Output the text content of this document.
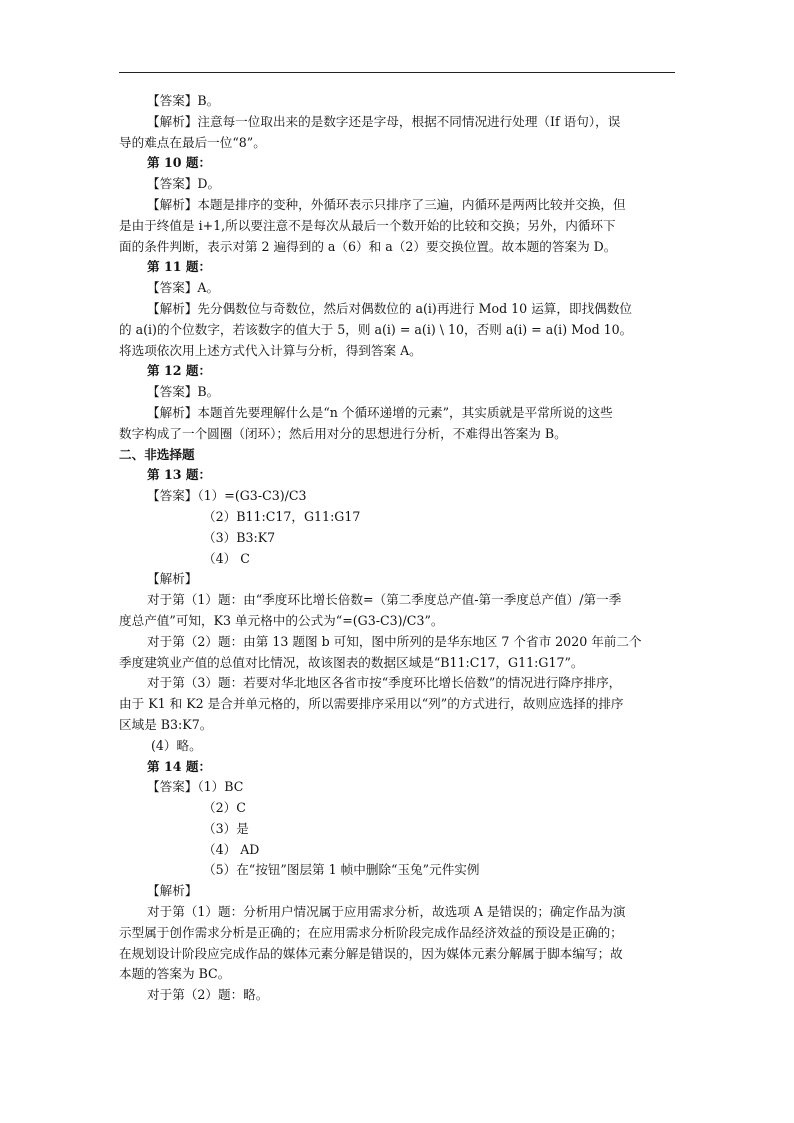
【答案】B。
【解析】注意每一位取出来的是数字还是字母，根据不同情况进行处理（If 语句），误
导的难点在最后一位“8”。
第 10 题：
【答案】D。
【解析】本题是排序的变种，外循环表示只排序了三遍，内循环是两两比较并交换，但
是由于终值是 i+1,所以要注意不是每次从最后一个数开始的比较和交换；另外，内循环下
面的条件判断，表示对第 2 遍得到的 a（6）和 a（2）要交换位置。故本题的答案为 D。
第 11 题：
【答案】A。
【解析】先分偶数位与奇数位，然后对偶数位的 a(i)再进行 Mod 10 运算，即找偶数位
的 a(i)的个位数字，若该数字的值大于 5，则 a(i) = a(i) \ 10，否则 a(i) = a(i) Mod 10。
将选项依次用上述方式代入计算与分析，得到答案 A。
第 12 题：
【答案】B。
【解析】本题首先要理解什么是“n 个循环递增的元素”，其实质就是平常所说的这些
数字构成了一个圆圈（闭环）；然后用对分的思想进行分析，不难得出答案为 B。
二、非选择题
第 13 题：
【答案】（1）=(G3-C3)/C3
（2）B11:C17，G11:G17
（3）B3:K7
（4） C
【解析】
对于第（1）题：由“季度环比增长倍数=（第二季度总产值-第一季度总产值）/第一季
度总产值”可知，K3 单元格中的公式为“=(G3-C3)/C3”。
对于第（2）题：由第 13 题图 b 可知，图中所列的是华东地区 7 个省市 2020 年前二个
季度建筑业产值的总值对比情况，故该图表的数据区域是“B11:C17，G11:G17”。
对于第（3）题：若要对华北地区各省市按“季度环比增长倍数”的情况进行降序排序，
由于 K1 和 K2 是合并单元格的，所以需要排序采用以“列”的方式进行，故则应选择的排序
区域是 B3:K7。
(4）略。
第 14 题：
【答案】（1）BC
（2）C
（3）是
（4） AD
（5）在“按钮”图层第 1 帧中删除“玉兔”元件实例
【解析】
对于第（1）题：分析用户情况属于应用需求分析，故选项 A 是错误的；确定作品为演
示型属于创作需求分析是正确的；在应用需求分析阶段完成作品经济效益的预设是正确的；
在规划设计阶段应完成作品的媒体元素分解是错误的，因为媒体元素分解属于脚本编写；故
本题的答案为 BC。
对于第（2）题：略。
